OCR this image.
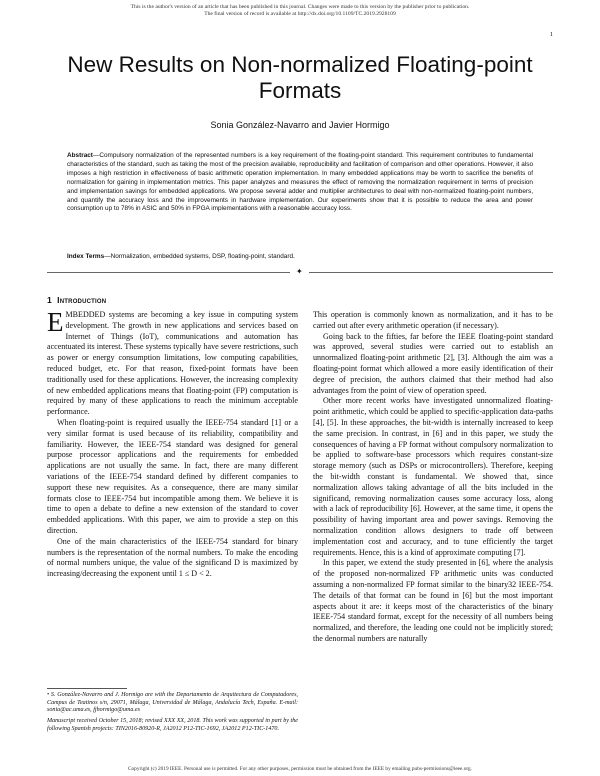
This is the author's version of an article that has been published in this journal. Changes were made to this version by the publisher prior to publication.
The final version of record is available at http://dx.doi.org/10.1109/TC.2019.2928109
1
New Results on Non-normalized Floating-point Formats
Sonia González-Navarro and Javier Hormigo
Abstract—Compulsory normalization of the represented numbers is a key requirement of the floating-point standard. This requirement contributes to fundamental characteristics of the standard, such as taking the most of the precision available, reproducibility and facilitation of comparison and other operations. However, it also imposes a high restriction in effectiveness of basic arithmetic operation implementation. In many embedded applications may be worth to sacrifice the benefits of normalization for gaining in implementation metrics. This paper analyzes and measures the effect of removing the normalization requirement in terms of precision and implementation savings for embedded applications. We propose several adder and multiplier architectures to deal with non-normalized floating-point numbers, and quantify the accuracy loss and the improvements in hardware implementation. Our experiments show that it is possible to reduce the area and power consumption up to 78% in ASIC and 50% in FPGA implementations with a reasonable accuracy loss.
Index Terms—Normalization, embedded systems, DSP, floating-point, standard.
✦
1 Introduction

EMBEDDED systems are becoming a key issue in computing system development. The growth in new applications and services based on Internet of Things (IoT), communications and automation has accentuated its interest. These systems typically have severe restrictions, such as power or energy consumption limitations, low computing capabilities, reduced budget, etc. For that reason, fixed-point formats have been traditionally used for these applications. However, the increasing complexity of new embedded applications means that floating-point (FP) computation is required by many of these applications to reach the minimum acceptable performance.

When floating-point is required usually the IEEE-754 standard [1] or a very similar format is used because of its reliability, compatibility and familiarity. However, the IEEE-754 standard was designed for general purpose processor applications and the requirements for embedded applications are not usually the same. In fact, there are many different variations of the IEEE-754 standard defined by different companies to support these new requisites. As a consequence, there are many similar formats close to IEEE-754 but incompatible among them. We believe it is time to open a debate to define a new extension of the standard to cover embedded applications. With this paper, we aim to provide a step on this direction.

One of the main characteristics of the IEEE-754 standard for binary numbers is the representation of the normal numbers. To make the encoding of normal numbers unique, the value of the significand D is maximized by increasing/decreasing the exponent until 1 ≤ D < 2.

• S. González-Navarro and J. Hormigo are with the Departamento de Arquitectura de Computadores, Campus de Teatinos s/n, 29071, Málaga, Universidad de Málaga, Andalucía Tech, España. E-mail: sonia@ac.uma.es, fjhormigo@uma.es

Manuscript received October 15, 2018; revised XXX XX, 2018. This work was supported in part by the following Spanish projects: TIN2016-80920-R, JA2012 P12-TIC-1692, JA2012 P12-TIC-1470.

This operation is commonly known as normalization, and it has to be carried out after every arithmetic operation (if necessary).

Going back to the fifties, far before the IEEE floating-point standard was approved, several studies were carried out to establish an unnormalized floating-point arithmetic [2], [3]. Although the aim was a floating-point format which allowed a more easily identification of their degree of precision, the authors claimed that their method had also advantages from the point of view of operation speed.

Other more recent works have investigated unnormalized floating-point arithmetic, which could be applied to specific-application data-paths [4], [5]. In these approaches, the bit-width is internally increased to keep the same precision. In contrast, in [6] and in this paper, we study the consequences of having a FP format without compulsory normalization to be applied to software-base processors which requires constant-size storage memory (such as DSPs or microcontrollers). Therefore, keeping the bit-width constant is fundamental. We showed that, since normalization allows taking advantage of all the bits included in the significand, removing normalization causes some accuracy loss, along with a lack of reproducibility [6]. However, at the same time, it opens the possibility of having important area and power savings. Removing the normalization condition allows designers to trade off between implementation cost and accuracy, and to tune efficiently the target requirements. Hence, this is a kind of approximate computing [7].

In this paper, we extend the study presented in [6], where the analysis of the proposed non-normalized FP arithmetic units was conducted assuming a non-normalized FP format similar to the binary32 IEEE-754. The details of that format can be found in [6] but the most important aspects about it are: it keeps most of the characteristics of the binary IEEE-754 standard format, except for the necessity of all numbers being normalized, and therefore, the leading one could not be implicitly stored; the denormal numbers are naturally

Copyright (c) 2019 IEEE. Personal use is permitted. For any other purposes, permission must be obtained from the IEEE by emailing pubs-permissions@ieee.org.
